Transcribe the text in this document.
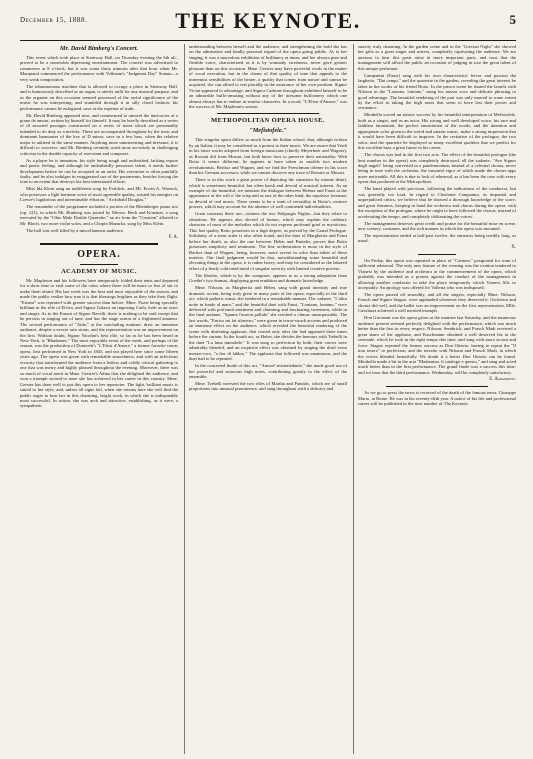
December 15, 1888.	THE KEYNOTE.	5
Mr. David Bimberg's Concert.

This event which took place at Steinway Hall, on Thursday evening the 6th ult., proved to be a somewhat depressing entertainment. The concert was advertised to commence at 8 o'clock, but it was some thirty minutes after that hour when Mr. Marquand commenced the performance with Volkman's "Judgment Day" Sonata—a very weak composition.

The inharmonious machine that is allowed to occupy a place in Steinway Hall, and is humorously described as an organ, is utterly unfit for any musical purpose, and as the organist on this occasion seemed possessed of the awful significance of the music he was interpreting, and stumbled through it in silly chord fashion; his performance cannot be eulogized, save at the expense of truth.

Mr. David Bimberg appeared next, and commenced to unravel the intricacies of a piano de amour, written by himself for himself. It may be briefly described as a series of ill assorted passages constructed on a series of notes which are presumably intended to do duty as a melody. These are accompanied throughout by the tonic and dominant harmonies of the key of D minor, save in a few bars, when the relative major is utilized in the same manner. Anything more uninteresting and tiresome, it is difficult to conceive, and Mr. Bimberg certainly acted most un-wisely in challenging criticism in the double capacity of executant and composer.

As a player he is immature, his style being rough and unfinished, lacking repose and poetic feeling; and although he undoubtedly possesses talent, it needs further development before he can be accepted as an artist. His execution is often painfully faulty, and he also indulges in exaggerated use of the portamento, besides forcing the tone to an extent that destroys his best intentioned efforts.

Miss Ida Klein sang an indifferent song by Frohlich, and Mr. Erwin A. Wunsch, who possesses a light baritone voice of most agreeable quality, wasted his energies on Loewe's lugubrious and interminable effusion, "Archibald Douglas."

The remainder of the programme included a portion of the Rheinberger piano trio (op. 121), in which Mr. Bimberg was joined by Messrs. Beck and Kraemer, a song executed by the "Ohio Male Double Quartette," an air from the "Creation" allotted to Mr. Bloch, two more violin solos, and a Chopin Mazurka, sung by Miss Klein.

The hall was well filled by a miscellaneous audience.

F. A.
OPERA.
ACADEMY OF MUSIC.

Mr. Mapleson and his followers have temporarily folded their tents and departed for a short time to visit some of the cities where there will be more or less of stir to make them afraid. His last week was the best and most enjoyable of the season, and made the public realize how true it is that blessings brighten as they take their flight. "Ernani" was repeated with greater success than before. Mme. Pozzi being specially brilliant in the rôle of Elvira, and Signor Galassi an imposing Carlo, both as an actor and singer. As to the Ernani of Signor Ravelli, there is nothing to be said except that he persists in singing out of tune, and has the stage action of a frightened amateur. The second performance of "Aïda," at the concluding matinee, drew an immense audience, despite a severe rain storm, and the representation was an improvement on the first. Without doubt, Signor Nicolini's best rôle, so far as he has been heard in New-York, is "Rhadames." The most enjoyable event of the week, and perhaps of the season, was the production of Donizetti's "L'Elisir d'Amore," a former favorite comic opera, first performed in New York in 1845, and not played here since some fifteen years ago. The opera was given with remarkable smoothness, and with an infectious vivacity that transformed the audience from a listless and coldly critical gathering to one that was merry and highly pleased throughout the evening. Moreover, there was so much of vocal merit in Mme. Gerster's Adina that she delighted the audience, and won a triumph second to none she has achieved in her career in this country. Mme. Gerster has done well to put this opera to her repertoire. The light, brilliant music is suited to her style, and, unless all signs fail, when she returns here she will find the public eager to hear her in this charming, bright work, in which she is indisputably most successful. In action, she was arch and attractive, establishing, as it were, a sympathetic

understanding between herself and the audience, and strengthening the hold she has on the admiration and kindly personal regard of the opera going public. As to her singing, it was a marvelous exhibition of brilliancy at times, and her always pure and flexible voice, characterized as it is by womanly sweetness, never gave greater pleasure than on this occasion. Mme. Gerster may have powerful rivals in the matter of vocal execution, but in the charm of that quality of tone that appeals to the innermost sensibilities of the hearer, a quality that comes from nature and cannot be acquired, she can afford to rest placidly in the assurance of her own position. Signor Vicini appeared to advantage, and Signor Carbone throughout exhibited himself to be an admirable buffo-amusing without any of the tiresome buffoonery which one almost always has to endure in similar characters. In a word, "L'Elisir d'Amore," was the success of Mr. Mapleson's season.

METROPOLITAN OPERA HOUSE.
"Mefistofele."

This singular opera differs so much from the Italian school, that, although written by an Italian, it may be considered as a protest to their music. We are aware that Verdi in his latter works adopted from foreign musicians (chiefly Meyerbeer and Wagner), as Rossini did from Mozart, but both knew how to preserve their nationality. With Boito it seems different; he appears to have taken as models two modern revolutionists, Berlioz and Wagner, and we find the Frenchman oftener in his score than his German successor, while we cannot discover any trace of Rossini or Mozart.

There is in this work a great power of depicting the situations by minute detail, which is sometimes beautiful, but often harsh and devoid of musical interest. As an example of the beautiful, we mention the dialogue between Helena and Faust at the appearance of the will o' the wisp and as one of the other kind, the repulsive foreman, so devoid of real music. There seems to be a want of versatility in Boito's creative powers, which may account for the absence of well contrasted individualities.

Great contrasts there are—witness the two Walpurgis Nights—but they relate to situations. He appears also devoid of humor, which may explain the ordinary character of most of the melodies which do not express profound grief or mysticism. This last quality Boito possesses in a high degree, as proved by the Grand Prologue. Solidarity of a stern order is also often found, and the duet of Margherita and Faust before her death, as also the one between Helen and Pantalis, proves that Boito possesses simplicity and sentiment. The fine orchestration is more in the style of Berlioz than of Wagner, being, however, more severe in color than either of these masters. Our final judgment would be that, notwithstanding some beautiful and elevating things in the opera, it is rather heavy, and may be considered as the labored effort of a finely cultivated mind of singular severity with limited creative powers.

The libretto, which is by the composer, appears to us a strong adaptation from Goethe's two dramas, displaying great erudition and dramatic knowledge.

Mme. Nilsson, as Margherita and Helen, sang with grand intensity and true dramatic accent, being truly great in many parts of the opera, especially in the third act, which pathetic music she rendered in a remarkable manner. The cadante, "L'altra notte in fondo al mare," and the beautiful duet with Faust, "Lontano, lontano," were delivered with profound sentiment and charming and fascinating sweetness, while in the final andante, "Spunta l'aurora pallida" she reached a climax unsurpassable. The last words, "Enrico mi fai ribrezzo," were given in terror-struck accents and produced an immense effect on the audience, which revealed the beautiful rendering of the scene with deafening applause, that ceased only after she had appeared three times before the curtain. In the fourth act, as Helen, she divides the honours with Trebelli in the duet "La luna immobile." It was sung to perfection by both, their voices were admirably blended, and an exquisite effect was obtained by singing the third verse mezza voce, "a fior di labbro." The applause that followed was unanimous, and the duet had to be repeated.

In the concerted finale of this act, "Amore! misteriedante," she made good use of her powerful and sonorous high notes, contributing greatly to the effect of the ensemble.

Mme. Trebelli invested the two rôles of Martha and Pantalis, which are of small proportions into unusual prominence, and sang throughout with a delicacy and

suavity truly charming. In the garden scene and in the "Grecian Night" she showed her gifts as a great singer and actress, completely captivating the audience. We are anxious to hear this great artist in more important parts, and trust that the management will afford the public an occasion of judging in toto the great talent of this unique performer.

Campanini (Faust) sang with his own characteristic fervor and passion the larghetto, "Dai campi," and the quartette in the garden, revealing the great interest he takes in the works of his friend Boito. In the prison scene he shared the laurels with Nilsson in the "Lontano, lontano," using his mezza voce and delicate phrasing to good advantage. The beautiful rendering of the part was only marred to some extent by the effort in taking the high notes that seem to have lost their power and resonance.

Mirabella scored an artistic success by his beautiful interpretation of Mefistofele, both as a singer, and as an actor. His strong and well developed voice, his rare and faultless intonation, the perfect enunciation of the words, and the intention and appropriate color given to the weird and satanic music, make a strong impression that it would have been difficult to improve. In the recitative of the prologue, the two solos, and the quartette he displayed so many excellent qualities that we predict for this excellent bass a great future in his career.

The chorus was bad in the first two acts. The effect of the beautiful prologue (the best number in the opera) was completely destroyed, all the sudante, "Ave Signor degli angeli" being converted in a pandemonium, instead of a celestial chorus, never being in tune with the orchestra, the unsound vigor of which made the chorus-apps more noticeable. All this is due to lack of rehearsal, as it has been the case with every opera that produced at the Metropolitan.

The band played with precision, following the indications of the conductor, but was generally too loud. In regard to Cleofonte Campanini, as impartial and unprejudiced critics, we believe that he showed a thorough knowledge of the score, and great firmness, keeping in hand the orchestra and chorus during the opera, with the exception of the prologue, where he ought to have followed the chorus, instead of accelerating the tempo, and completely obliterating the voices.

The management deserves great credit and praise for the beautiful mise en scene, new scenery, costumes, and the rich manner in which the opera was mounted.

The representation ended at half-past twelve, the entreacts being terribly long, as usual.

X.

On Friday, this opera was repeated in place of "Carmen," postponed for want of sufficient rehearsal. The only new feature of the evening was the ovation tendered to Vianesi by the audience and orchestra at the commencement of the opera, which probably was intended as a protest against the conduct of the management in allowing another conductor to take the place temporarily which Vianesi fills so acceptably. An apology was offered for Valleria who was indisposed.

The opera passed off smoothly, and all the singers, especially Mme. Nilsson, Fursch and Signor Stagno, were applauded whenever they deserved it. Orchestra and chorus did well, and the ballet was an improvement on the first representation. Mlle. Cavalazzi achieved a well merited triumph.

Don Giovanni was the opera given at the matinee last Saturday, and the numerous audience present seemed perfectly delighted with the performance, which was much better than the first in every respect. Nilsson, Sembrich, and Fursch Madi received a great share of the applause, and Kaschmann obtained a well deserved bis in the serenade, which he took in the right tempo this time, and sang with more accent and force. Stagno repeated the former success as Don Ottavio, having to repeat the "Il mio tesoro" to perfection, and the terzetto with Nilsson and Fursch Madi, in which the voices blended beautifully. We doubt it a better Don Ottavio can be found. Mirabella made a hit in the aria "Madamina, il catalogo e questo," and sang and acted much better than in the first performance. The grand finale was a success this time, and we trust that the third performance, Wednesday, will be completely satisfactory.

E. Agramonte.

As we go to press the news is received of the death of the famous tenor, Giuseppe Mario, at Rome. He was in his seventy-fifth year. A notice of his life and professional career will be published in the next number of The Keynote.
